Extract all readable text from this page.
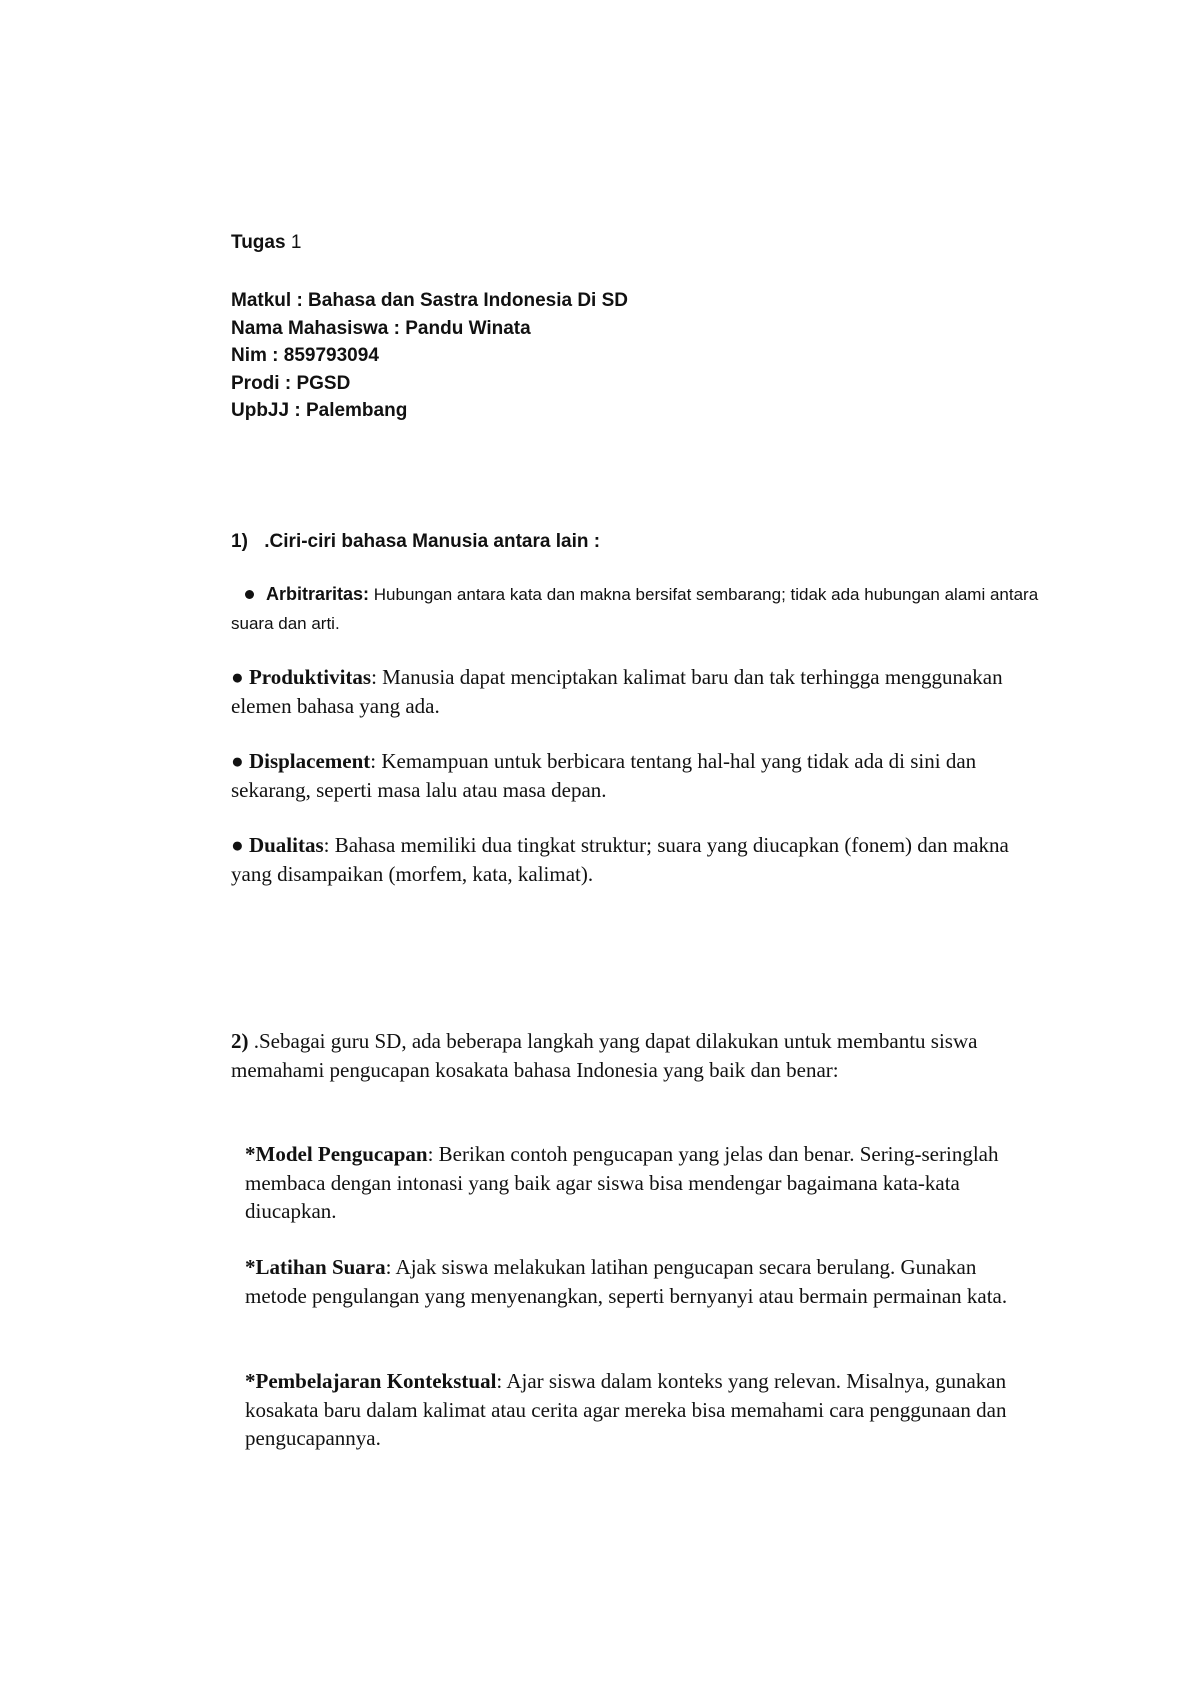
Tugas 1
Matkul : Bahasa dan Sastra Indonesia Di SD
Nama Mahasiswa : Pandu Winata
Nim : 859793094
Prodi : PGSD
UpbJJ : Palembang
1) .Ciri-ciri bahasa Manusia antara lain :
Arbitraritas: Hubungan antara kata dan makna bersifat sembarang; tidak ada hubungan alami antara suara dan arti.
● Produktivitas: Manusia dapat menciptakan kalimat baru dan tak terhingga menggunakan elemen bahasa yang ada.
● Displacement: Kemampuan untuk berbicara tentang hal-hal yang tidak ada di sini dan sekarang, seperti masa lalu atau masa depan.
● Dualitas: Bahasa memiliki dua tingkat struktur; suara yang diucapkan (fonem) dan makna yang disampaikan (morfem, kata, kalimat).
2) .Sebagai guru SD, ada beberapa langkah yang dapat dilakukan untuk membantu siswa memahami pengucapan kosakata bahasa Indonesia yang baik dan benar:
*Model Pengucapan: Berikan contoh pengucapan yang jelas dan benar. Sering-seringlah membaca dengan intonasi yang baik agar siswa bisa mendengar bagaimana kata-kata diucapkan.
*Latihan Suara: Ajak siswa melakukan latihan pengucapan secara berulang. Gunakan metode pengulangan yang menyenangkan, seperti bernyanyi atau bermain permainan kata.
*Pembelajaran Kontekstual: Ajar siswa dalam konteks yang relevan. Misalnya, gunakan kosakata baru dalam kalimat atau cerita agar mereka bisa memahami cara penggunaan dan pengucapannya.
